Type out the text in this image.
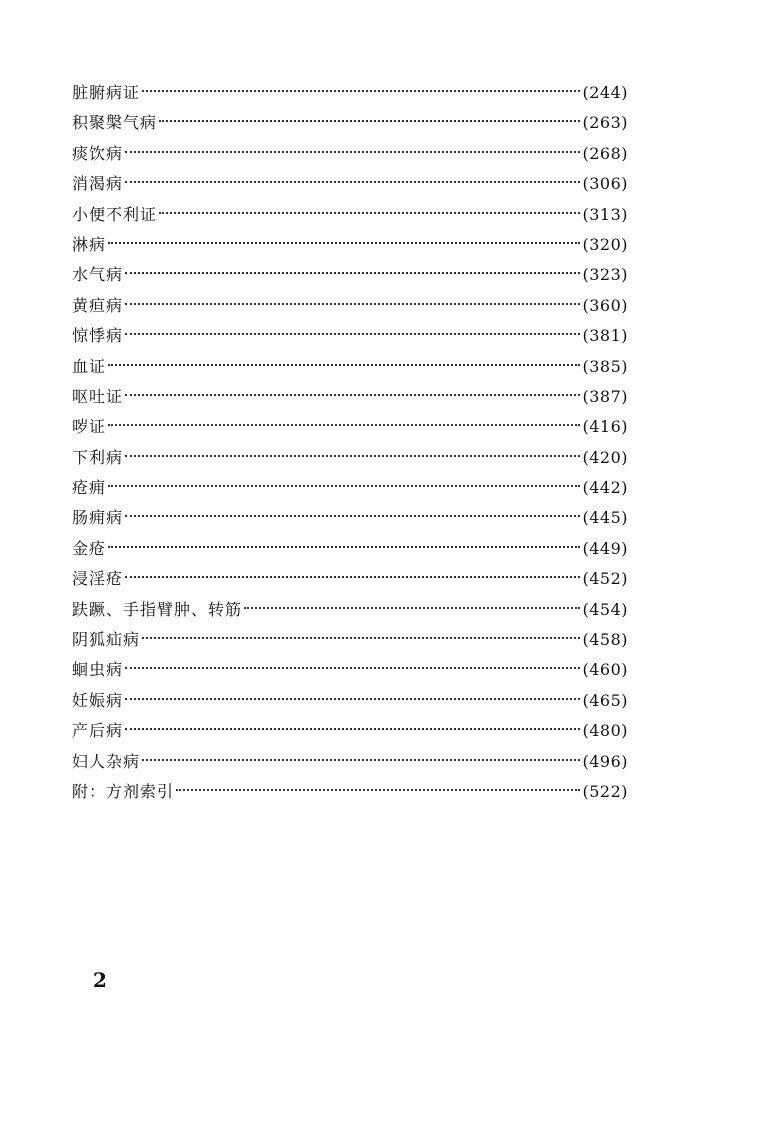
脏腑病证	(244)
积聚槃气病	(263)
痰饮病	(268)
消渴病	(306)
小便不利证	(313)
淋病	(320)
水气病	(323)
黄疸病	(360)
惊悸病	(381)
血证	(385)
呕吐证	(387)
哕证	(416)
下利病	(420)
疮痈	(442)
肠痈病	(445)
金疮	(449)
浸淫疮	(452)
趺蹶、手指臂肿、转筋	(454)
阴狐疝病	(458)
蛔虫病	(460)
妊娠病	(465)
产后病	(480)
妇人杂病	(496)
附：方剂索引	(522)
2
